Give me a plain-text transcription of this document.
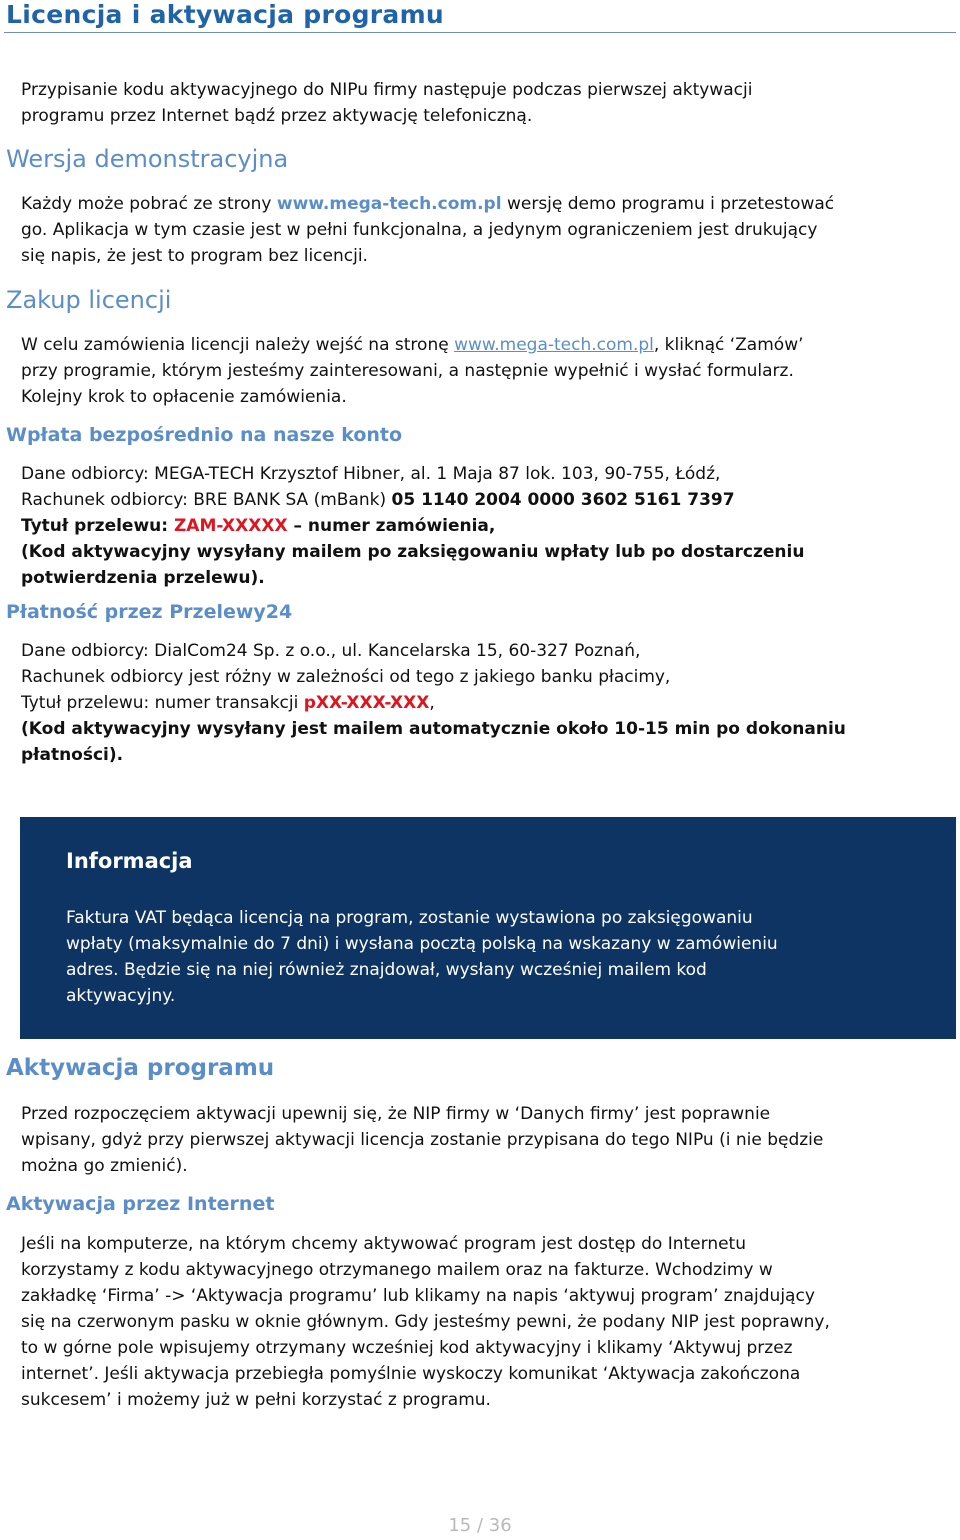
Licencja i aktywacja programu
Przypisanie kodu aktywacyjnego do NIPu firmy następuje podczas pierwszej aktywacji
programu przez Internet bądź przez aktywację telefoniczną.
Wersja demonstracyjna
Każdy może pobrać ze strony www.mega-tech.com.pl wersję demo programu i przetestować
go. Aplikacja w tym czasie jest w pełni funkcjonalna, a jedynym ograniczeniem jest drukujący
się napis, że jest to program bez licencji.
Zakup licencji
W celu zamówienia licencji należy wejść na stronę www.mega-tech.com.pl, kliknąć ‘Zamów’
przy programie, którym jesteśmy zainteresowani, a następnie wypełnić i wysłać formularz.
Kolejny krok to opłacenie zamówienia.
Wpłata bezpośrednio na nasze konto
Dane odbiorcy: MEGA-TECH Krzysztof Hibner, al. 1 Maja 87 lok. 103, 90-755, Łódź,
Rachunek odbiorcy: BRE BANK SA (mBank) 05 1140 2004 0000 3602 5161 7397
Tytuł przelewu: ZAM-XXXXX – numer zamówienia,
(Kod aktywacyjny wysyłany mailem po zaksięgowaniu wpłaty lub po dostarczeniu
potwierdzenia przelewu).
Płatność przez Przelewy24
Dane odbiorcy: DialCom24 Sp. z o.o., ul. Kancelarska 15, 60-327 Poznań,
Rachunek odbiorcy jest różny w zależności od tego z jakiego banku płacimy,
Tytuł przelewu: numer transakcji pXX-XXX-XXX,
(Kod aktywacyjny wysyłany jest mailem automatycznie około 10-15 min po dokonaniu
płatności).
Informacja
Faktura VAT będąca licencją na program, zostanie wystawiona po zaksięgowaniu
wpłaty (maksymalnie do 7 dni) i wysłana pocztą polską na wskazany w zamówieniu
adres. Będzie się na niej również znajdował, wysłany wcześniej mailem kod
aktywacyjny.
Aktywacja programu
Przed rozpoczęciem aktywacji upewnij się, że NIP firmy w ‘Danych firmy’ jest poprawnie
wpisany, gdyż przy pierwszej aktywacji licencja zostanie przypisana do tego NIPu (i nie będzie
można go zmienić).
Aktywacja przez Internet
Jeśli na komputerze, na którym chcemy aktywować program jest dostęp do Internetu
korzystamy z kodu aktywacyjnego otrzymanego mailem oraz na fakturze. Wchodzimy w
zakładkę ‘Firma’ -> ‘Aktywacja programu’ lub klikamy na napis ‘aktywuj program’ znajdujący
się na czerwonym pasku w oknie głównym. Gdy jesteśmy pewni, że podany NIP jest poprawny,
to w górne pole wpisujemy otrzymany wcześniej kod aktywacyjny i klikamy ‘Aktywuj przez
internet’. Jeśli aktywacja przebiegła pomyślnie wyskoczy komunikat ‘Aktywacja zakończona
sukcesem’ i możemy już w pełni korzystać z programu.
15 / 36
